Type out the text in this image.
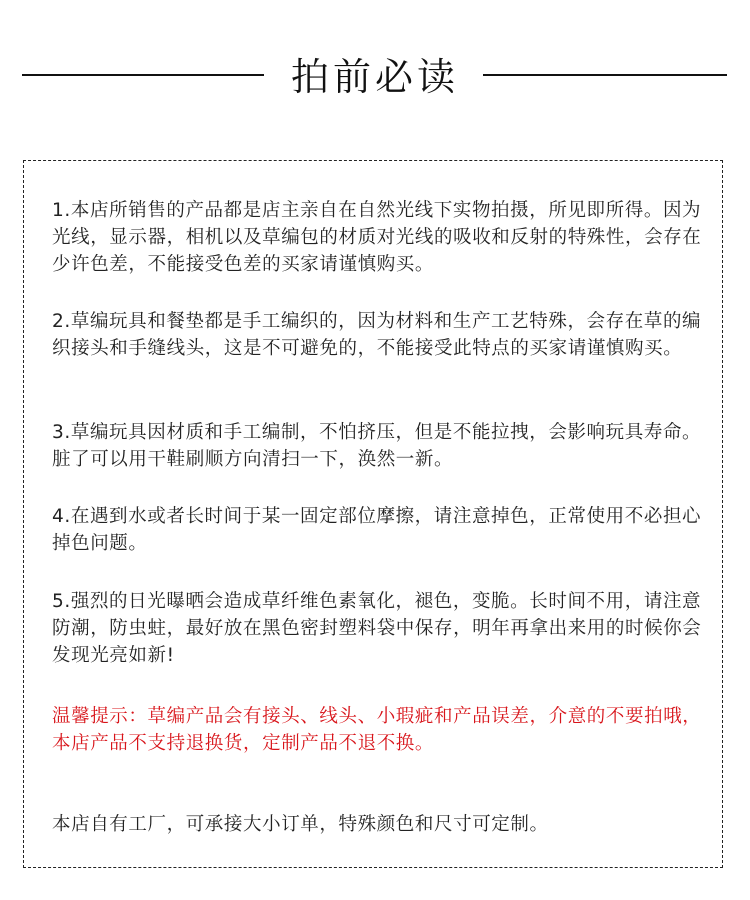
拍前必读
1.本店所销售的产品都是店主亲自在自然光线下实物拍摄，所见即所得。因为光线，显示器，相机以及草编包的材质对光线的吸收和反射的特殊性，会存在少许色差，不能接受色差的买家请谨慎购买。
2.草编玩具和餐垫都是手工编织的，因为材料和生产工艺特殊，会存在草的编织接头和手缝线头，这是不可避免的，不能接受此特点的买家请谨慎购买。
3.草编玩具因材质和手工编制，不怕挤压，但是不能拉拽，会影响玩具寿命。脏了可以用干鞋刷顺方向清扫一下，涣然一新。
4.在遇到水或者长时间于某一固定部位摩擦，请注意掉色，正常使用不必担心掉色问题。
5.强烈的日光曝晒会造成草纤维色素氧化，褪色，变脆。长时间不用，请注意防潮，防虫蛀，最好放在黑色密封塑料袋中保存，明年再拿出来用的时候你会发现光亮如新!
温馨提示：草编产品会有接头、线头、小瑕疵和产品误差，介意的不要拍哦，本店产品不支持退换货，定制产品不退不换。
本店自有工厂，可承接大小订单，特殊颜色和尺寸可定制。
